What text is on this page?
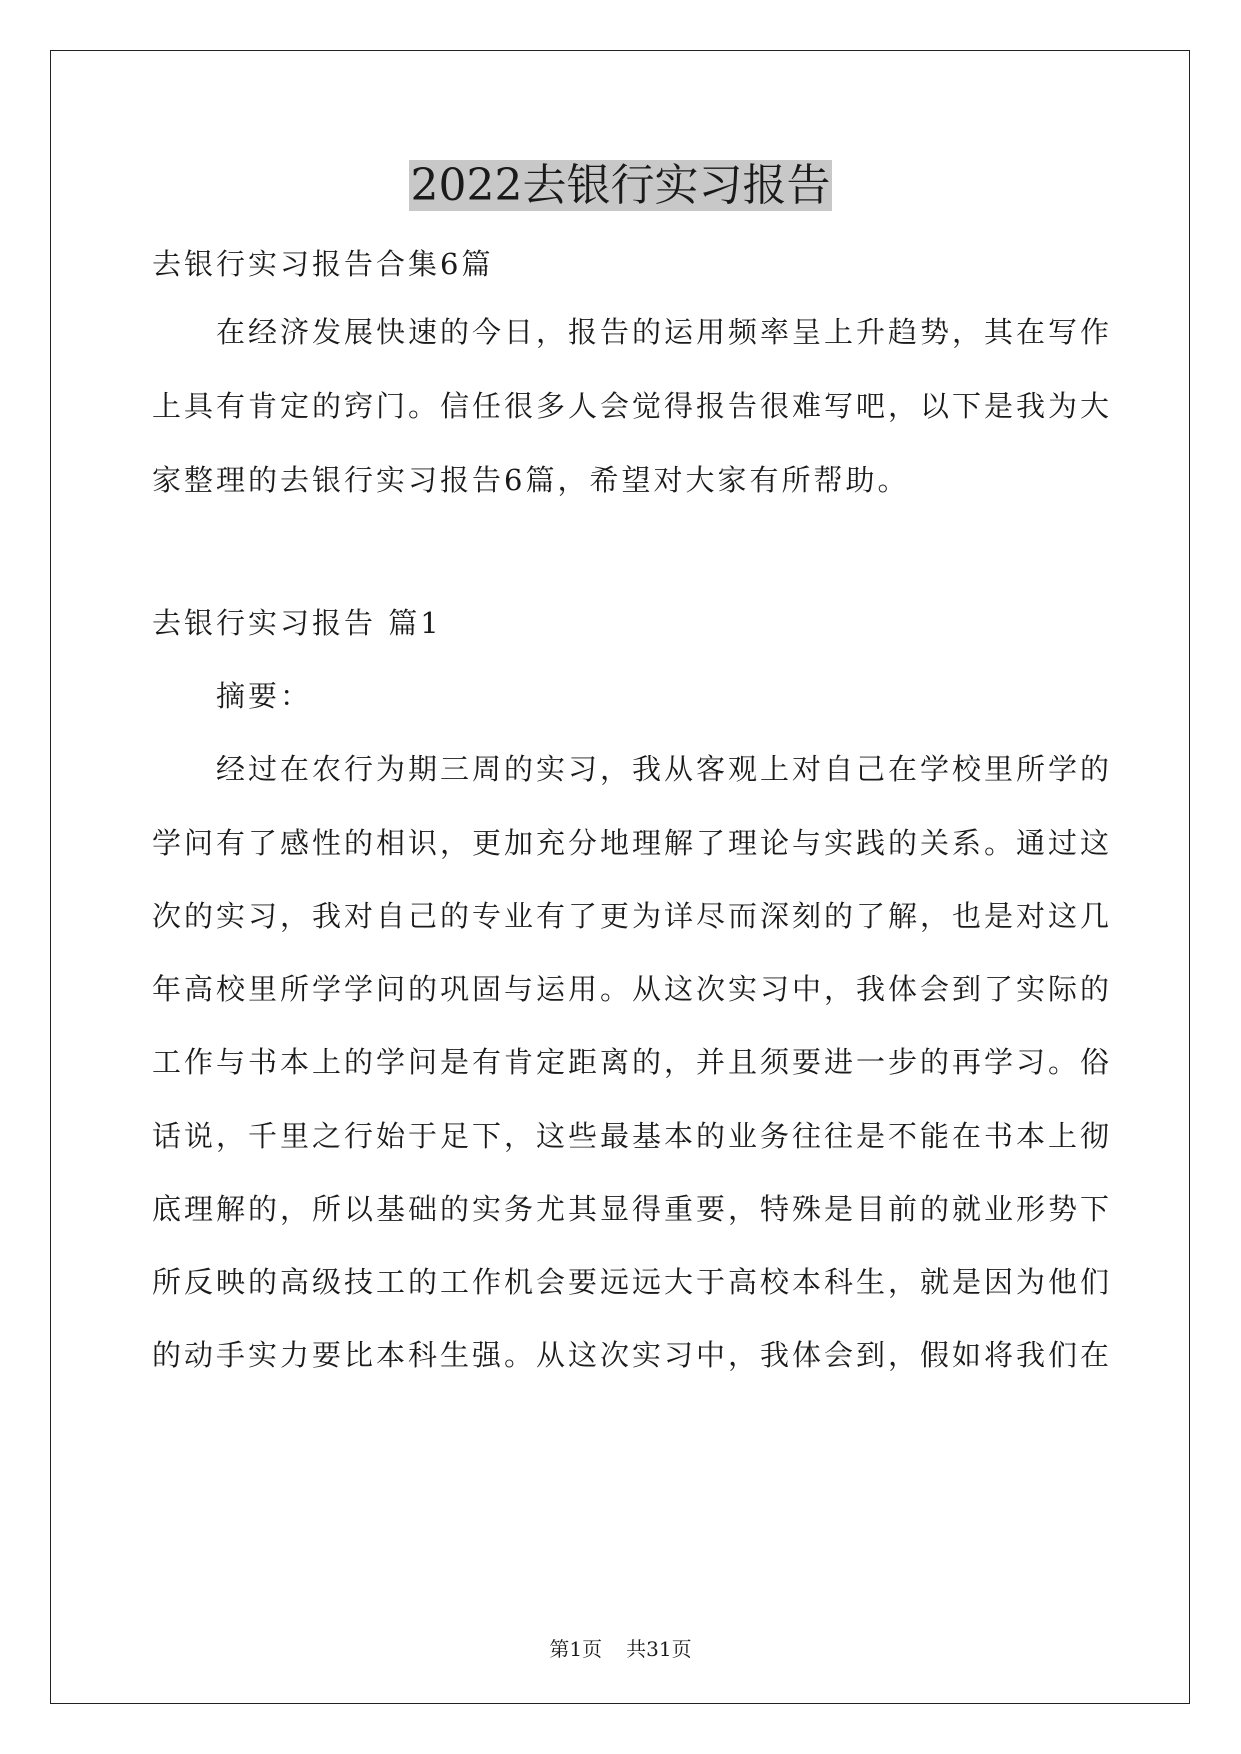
2022去银行实习报告
去银行实习报告合集6篇
　　在经济发展快速的今日，报告的运用频率呈上升趋势，其在写作
上具有肯定的窍门。信任很多人会觉得报告很难写吧，以下是我为大
家整理的去银行实习报告6篇，希望对大家有所帮助。
去银行实习报告 篇1
　　摘要：
　　经过在农行为期三周的实习，我从客观上对自己在学校里所学的
学问有了感性的相识，更加充分地理解了理论与实践的关系。通过这
次的实习，我对自己的专业有了更为详尽而深刻的了解，也是对这几
年高校里所学学问的巩固与运用。从这次实习中，我体会到了实际的
工作与书本上的学问是有肯定距离的，并且须要进一步的再学习。俗
话说，千里之行始于足下，这些最基本的业务往往是不能在书本上彻
底理解的，所以基础的实务尤其显得重要，特殊是目前的就业形势下
所反映的高级技工的工作机会要远远大于高校本科生，就是因为他们
的动手实力要比本科生强。从这次实习中，我体会到，假如将我们在
第1页 共31页
